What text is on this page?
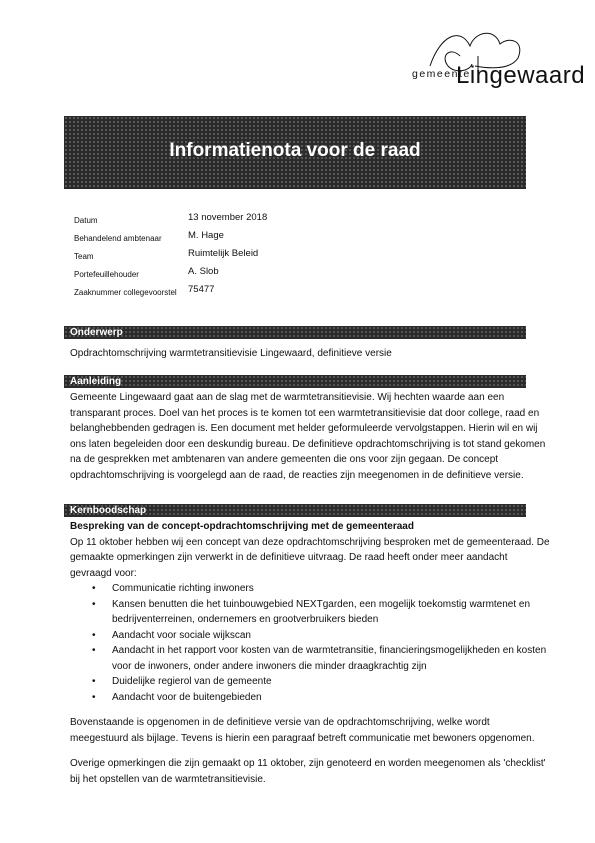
gemeente
Lingewaard
Informatienota voor de raad
Datum	13 november 2018
Behandelend ambtenaar	M. Hage
Team	Ruimtelijk Beleid
Portefeuillehouder	A. Slob
Zaaknummer collegevoorstel	75477
Onderwerp
Opdrachtomschrijving warmtetransitievisie Lingewaard, definitieve versie
Aanleiding
Gemeente Lingewaard gaat aan de slag met de warmtetransitievisie. Wij hechten waarde aan een
transparant proces. Doel van het proces is te komen tot een warmtetransitievisie dat door college, raad en
belanghebbenden gedragen is. Een document met helder geformuleerde vervolgstappen. Hierin wil en wij
ons laten begeleiden door een deskundig bureau. De definitieve opdrachtomschrijving is tot stand gekomen
na de gesprekken met ambtenaren van andere gemeenten die ons voor zijn gegaan. De concept
opdrachtomschrijving is voorgelegd aan de raad, de reacties zijn meegenomen in de definitieve versie.
Kernboodschap
Bespreking van de concept-opdrachtomschrijving met de gemeenteraad
Op 11 oktober hebben wij een concept van deze opdrachtomschrijving besproken met de gemeenteraad. De
gemaakte opmerkingen zijn verwerkt in de definitieve uitvraag. De raad heeft onder meer aandacht
gevraagd voor:
• Communicatie richting inwoners
• Kansen benutten die het tuinbouwgebied NEXTgarden, een mogelijk toekomstig warmtenet en
bedrijventerreinen, ondernemers en grootverbruikers bieden
• Aandacht voor sociale wijkscan
• Aandacht in het rapport voor kosten van de warmtetransitie, financieringsmogelijkheden en kosten
voor de inwoners, onder andere inwoners die minder draagkrachtig zijn
• Duidelijke regierol van de gemeente
• Aandacht voor de buitengebieden
Bovenstaande is opgenomen in de definitieve versie van de opdrachtomschrijving, welke wordt
meegestuurd als bijlage. Tevens is hierin een paragraaf betreft communicatie met bewoners opgenomen.
Overige opmerkingen die zijn gemaakt op 11 oktober, zijn genoteerd en worden meegenomen als 'checklist'
bij het opstellen van de warmtetransitievisie.
